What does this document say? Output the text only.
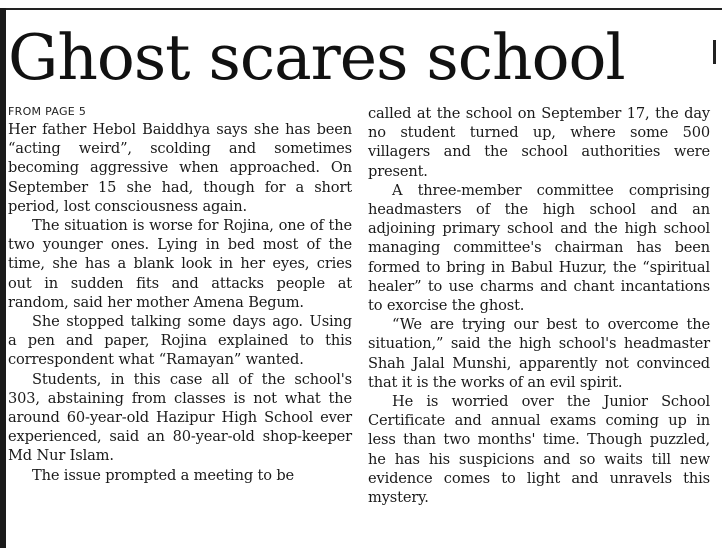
Ghost scares school

FROM PAGE 5

Her father Hebol Baiddhya says she has been “acting weird”, scolding and sometimes becoming aggressive when approached. On September 15 she had, though for a short period, lost consciousness again.

The situation is worse for Rojina, one of the two younger ones. Lying in bed most of the time, she has a blank look in her eyes, cries out in sudden fits and attacks people at random, said her mother Amena Begum.

She stopped talking some days ago. Using a pen and paper, Rojina explained to this correspondent what “Ramayan” wanted.

Students, in this case all of the school's 303, abstaining from classes is not what the around 60-year-old Hazipur High School ever experienced, said an 80-year-old shop-keeper Md Nur Islam.

The issue prompted a meeting to be

called at the school on September 17, the day no student turned up, where some 500 villagers and the school authorities were present.

A three-member committee comprising headmasters of the high school and an adjoining primary school and the high school managing committee's chairman has been formed to bring in Babul Huzur, the “spiritual healer” to use charms and chant incantations to exorcise the ghost.

“We are trying our best to overcome the situation,” said the high school's headmaster Shah Jalal Munshi, apparently not convinced that it is the works of an evil spirit.

He is worried over the Junior School Certificate and annual exams coming up in less than two months' time. Though puzzled, he has his suspicions and so waits till new evidence comes to light and unravels this mystery.
